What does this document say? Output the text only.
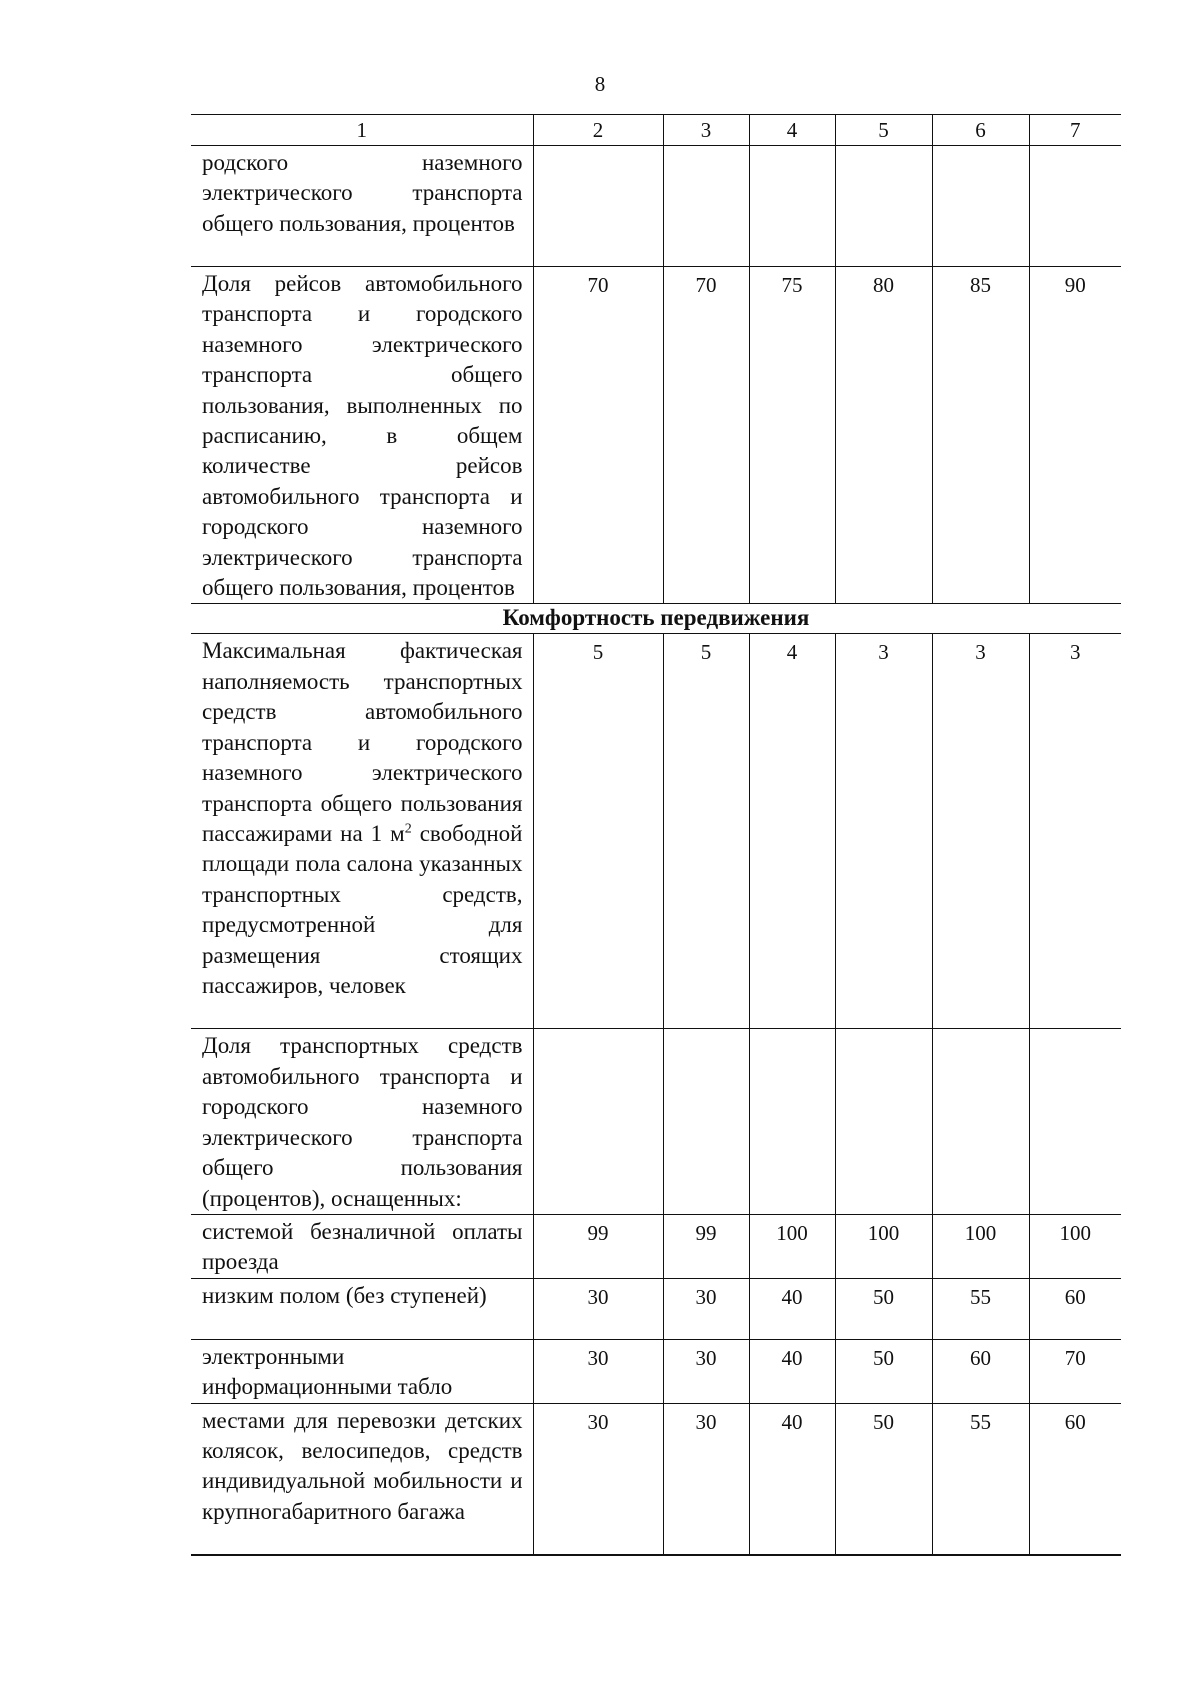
8
1	2	3	4	5	6	7

родского наземного электрического транспорта общего пользования, процентов						

Доля рейсов автомобильного транспорта и городского наземного электрического транспорта общего пользования, выполненных по расписанию, в общем количестве рейсов автомобильного транспорта и городского наземного электрического транспорта общего пользования, процентов	70	70	75	80	85	90
Комфортность передвижения						

Максимальная фактическая наполняемость транспортных средств автомобильного транспорта и городского наземного электрического транспорта общего пользования пассажирами на 1 $м^2$ свободной площади пола салона указанных транспортных средств, предусмотренной для размещения стоящих пассажиров, человек	5	5	4	3	3	3

Доля транспортных средств автомобильного транспорта и городского наземного электрического транспорта общего пользования (процентов), оснащенных:						

системой безналичной оплаты проезда	99	99	100	100	100	100

низким полом (без ступеней)	30	30	40	50	55	60

электронными информационными табло	30	30	40	50	60	70

местами для перевозки детских колясок, велосипедов, средств индивидуальной мобильности и крупногабаритного багажа	30	30	40	50	55	60
